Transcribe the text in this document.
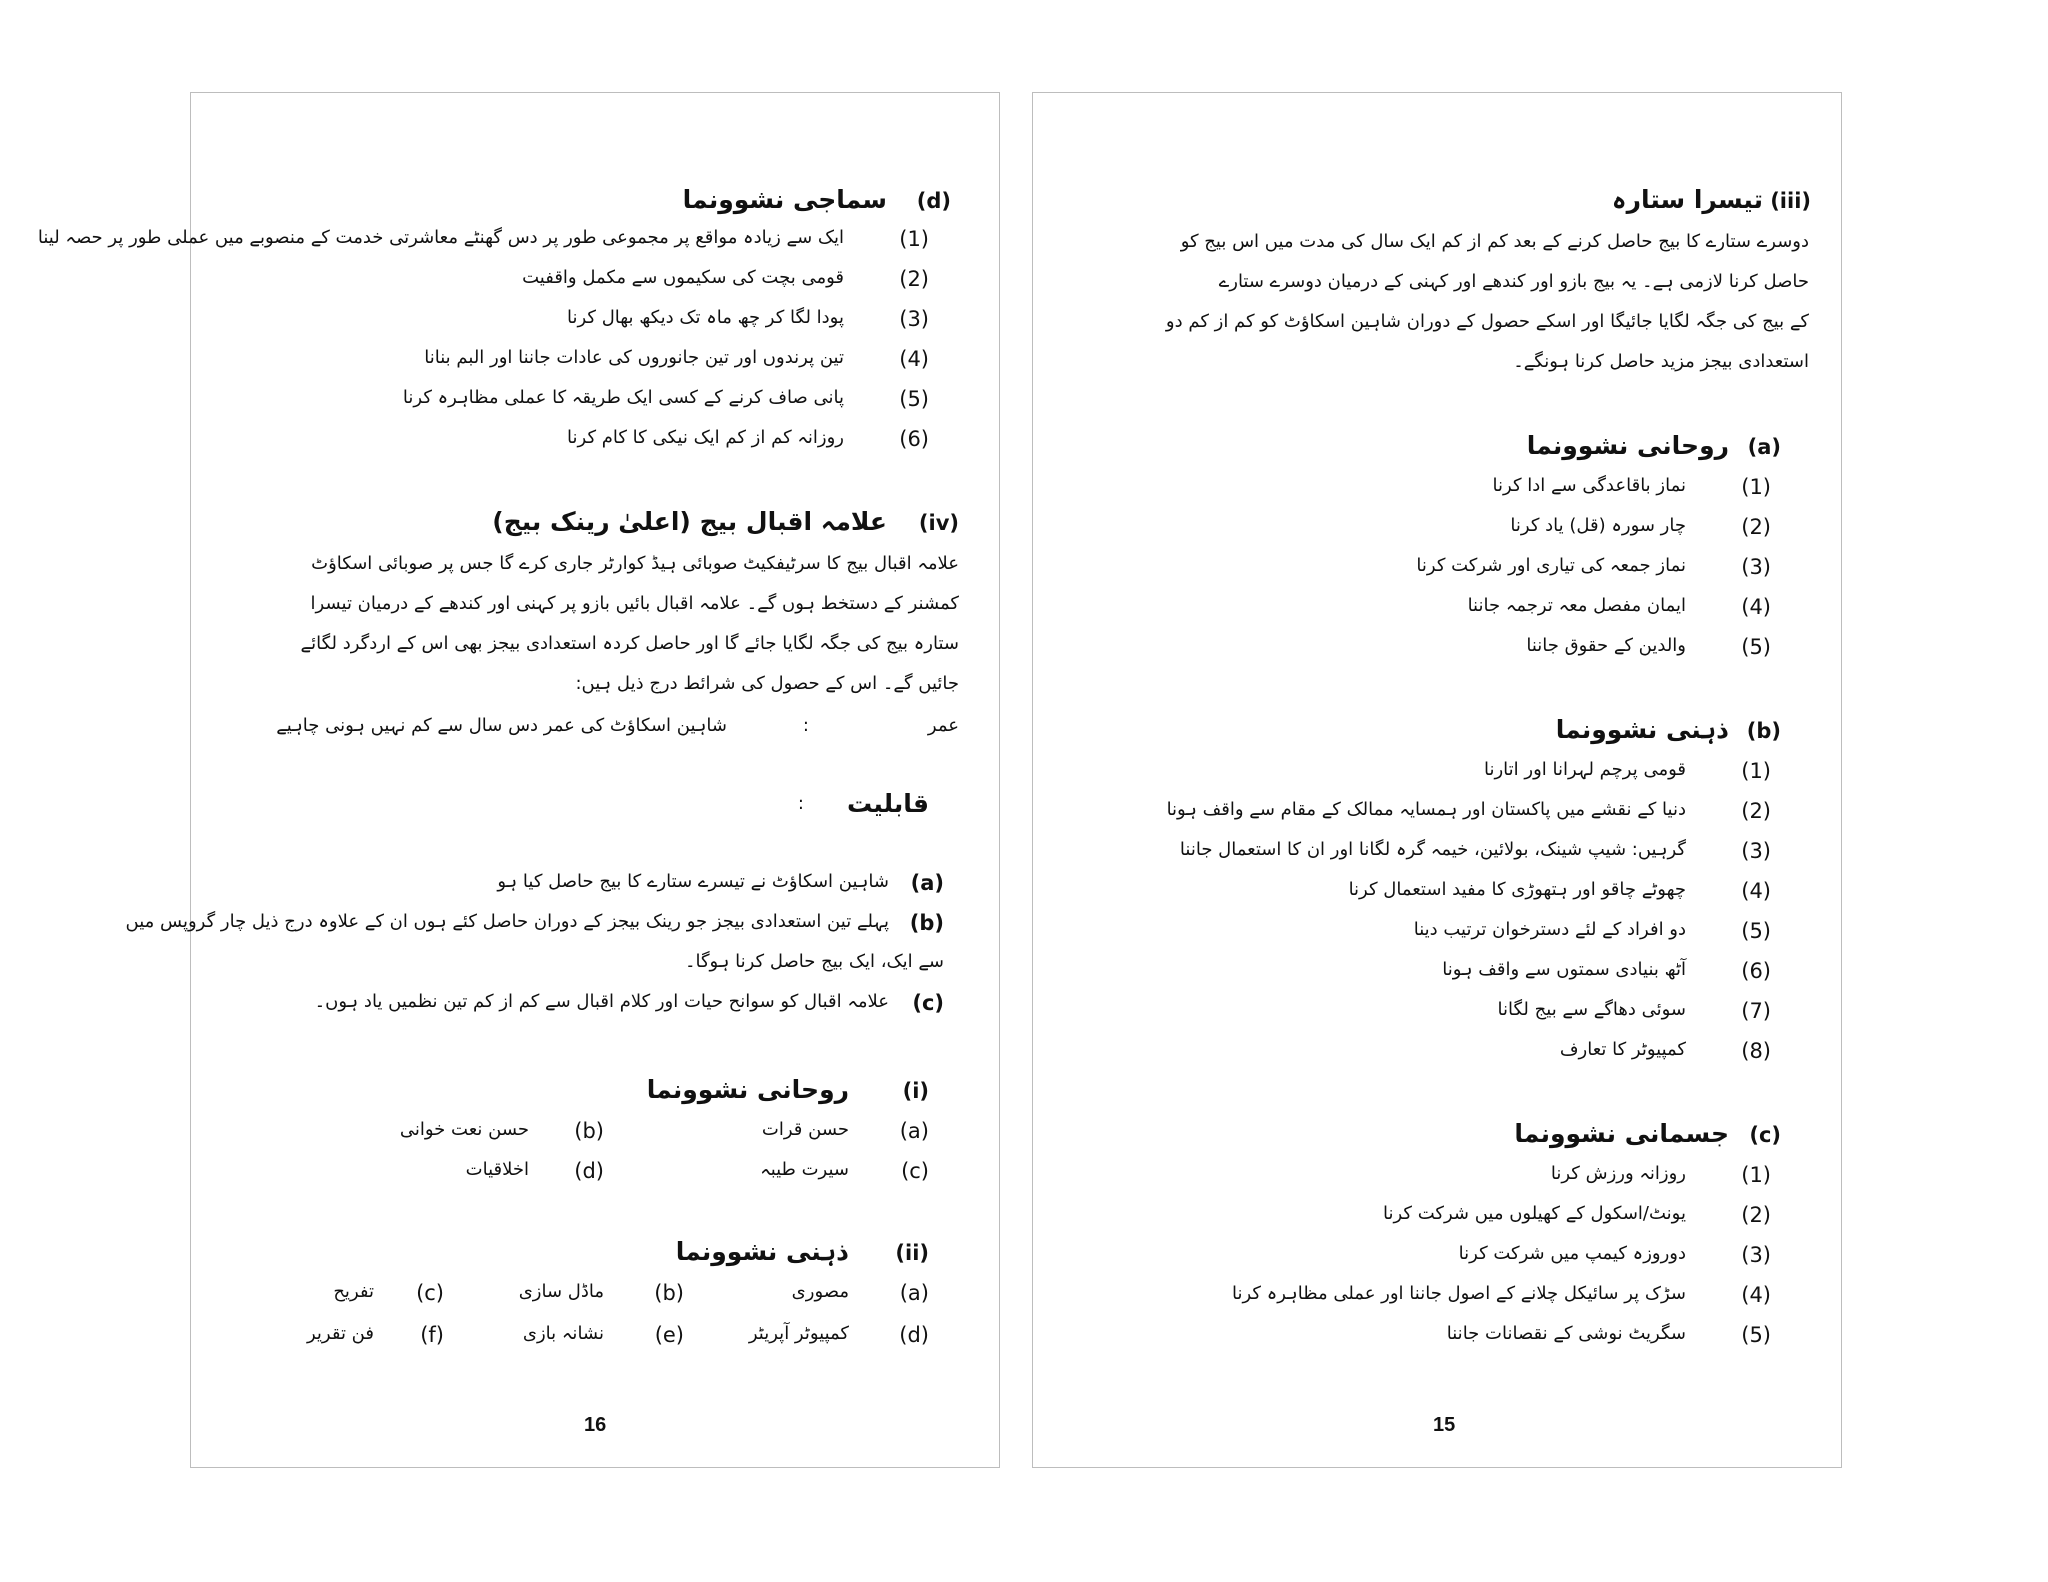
(d)
سماجی نشوونما
(1)
ایک سے زیادہ مواقع پر مجموعی طور پر دس گھنٹے معاشرتی خدمت کے منصوبے میں عملی طور پر حصہ لینا
(2)
قومی بچت کی سکیموں سے مکمل واقفیت
(3)
پودا لگا کر چھ ماہ تک دیکھ بھال کرنا
(4)
تین پرندوں اور تین جانوروں کی عادات جاننا اور البم بنانا
(5)
پانی صاف کرنے کے کسی ایک طریقہ کا عملی مظاہرہ کرنا
(6)
روزانہ کم از کم ایک نیکی کا کام کرنا
(iv)
علامہ اقبال بیج (اعلیٰ رینک بیج)
علامہ اقبال بیج کا سرٹیفکیٹ صوبائی ہیڈ کوارٹر جاری کرے گا جس پر صوبائی اسکاؤٹ
کمشنر کے دستخط ہوں گے۔ علامہ اقبال بائیں بازو پر کہنی اور کندھے کے درمیان تیسرا
ستارہ بیج کی جگہ لگایا جائے گا اور حاصل کردہ استعدادی بیجز بھی اس کے اردگرد لگائے
جائیں گے۔ اس کے حصول کی شرائط درج ذیل ہیں:
عمر
:
شاہین اسکاؤٹ کی عمر دس سال سے کم نہیں ہونی چاہیے
قابلیت
:
(a)
شاہین اسکاؤٹ نے تیسرے ستارے کا بیج حاصل کیا ہو
(b)
پہلے تین استعدادی بیجز جو رینک بیجز کے دوران حاصل کئے ہوں ان کے علاوہ درج ذیل چار گروپس میں
سے ایک، ایک بیج حاصل کرنا ہوگا۔
(c)
علامہ اقبال کو سوانح حیات اور کلام اقبال سے کم از کم تین نظمیں یاد ہوں۔
(i)
روحانی نشوونما
(a)
حسن قرات
(b)
حسن نعت خوانی
(c)
سیرت طیبہ
(d)
اخلاقیات
(ii)
ذہنی نشوونما
(a)
مصوری
(b)
ماڈل سازی
(c)
تفریح
(d)
کمپیوٹر آپریٹر
(e)
نشانہ بازی
(f)
فن تقریر
16
(iii)
تیسرا ستارہ
دوسرے ستارے کا بیج حاصل کرنے کے بعد کم از کم ایک سال کی مدت میں اس بیج کو
حاصل کرنا لازمی ہے۔ یہ بیج بازو اور کندھے اور کہنی کے درمیان دوسرے ستارے
کے بیج کی جگہ لگایا جائیگا اور اسکے حصول کے دوران شاہین اسکاؤٹ کو کم از کم دو
استعدادی بیجز مزید حاصل کرنا ہونگے۔
(a)
روحانی نشوونما
(1)
نماز باقاعدگی سے ادا کرنا
(2)
چار سورہ (قل) یاد کرنا
(3)
نماز جمعہ کی تیاری اور شرکت کرنا
(4)
ایمان مفصل معہ ترجمہ جاننا
(5)
والدین کے حقوق جاننا
(b)
ذہنی نشوونما
(1)
قومی پرچم لہرانا اور اتارنا
(2)
دنیا کے نقشے میں پاکستان اور ہمسایہ ممالک کے مقام سے واقف ہونا
(3)
گرہیں: شیپ شینک، بولائین، خیمہ گرہ لگانا اور ان کا استعمال جاننا
(4)
چھوٹے چاقو اور ہتھوڑی کا مفید استعمال کرنا
(5)
دو افراد کے لئے دسترخوان ترتیب دینا
(6)
آٹھ بنیادی سمتوں سے واقف ہونا
(7)
سوئی دھاگے سے بیج لگانا
(8)
کمپیوٹر کا تعارف
(c)
جسمانی نشوونما
(1)
روزانہ ورزش کرنا
(2)
یونٹ/اسکول کے کھیلوں میں شرکت کرنا
(3)
دوروزہ کیمپ میں شرکت کرنا
(4)
سڑک پر سائیکل چلانے کے اصول جاننا اور عملی مظاہرہ کرنا
(5)
سگریٹ نوشی کے نقصانات جاننا
15
